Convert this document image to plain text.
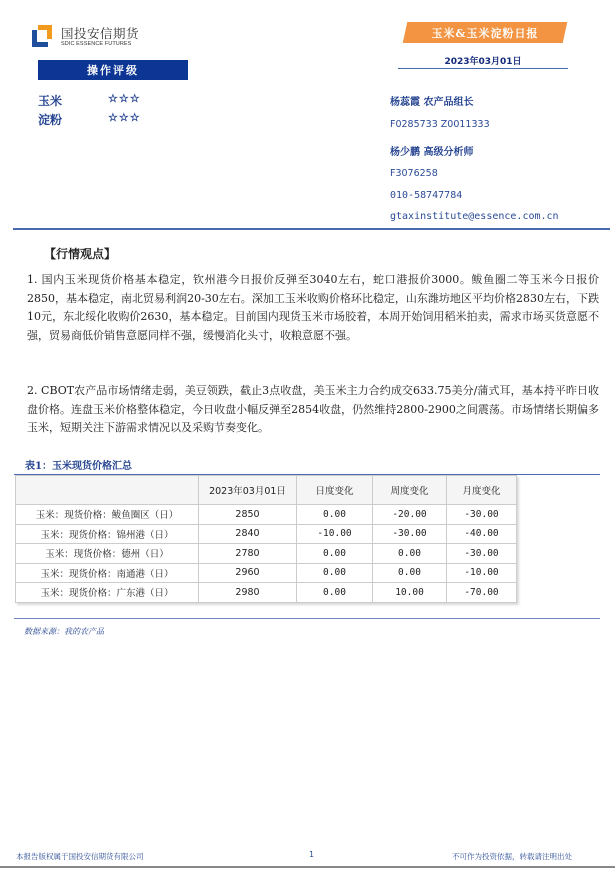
国投安信期货
SDIC ESSENCE FUTURES
操作评级
玉米	☆☆☆
淀粉	☆☆☆
玉米&玉米淀粉日报
2023年03月01日
杨蕊霞 农产品组长
F0285733 Z0011333
杨少鹏 高级分析师
F3076258
010-58747784
gtaxinstitute@essence.com.cn
【行情观点】

1. 国内玉米现货价格基本稳定，钦州港今日报价反弹至3040左右，蛇口港报价3000。鲅鱼圈二等玉米今日报价2850，基本稳定，南北贸易利润20-30左右。深加工玉米收购价格环比稳定，山东潍坊地区平均价格2830左右，下跌10元，东北绥化收购价2630，基本稳定。目前国内现货玉米市场胶着，本周开始饲用稻米拍卖，需求市场买货意愿不强，贸易商低价销售意愿同样不强，缓慢消化头寸，收粮意愿不强。

2. CBOT农产品市场情绪走弱，美豆领跌，截止3点收盘，美玉米主力合约成交633.75美分/蒲式耳，基本持平昨日收盘价格。连盘玉米价格整体稳定，今日收盘小幅反弹至2854收盘，仍然维持2800-2900之间震荡。市场情绪长期偏多玉米，短期关注下游需求情况以及采购节奏变化。

表1：玉米现货价格汇总
	2023年03月01日	日度变化	周度变化	月度变化
玉米：现货价格：鲅鱼圈区（日）	2850	0.00	-20.00	-30.00
玉米：现货价格：锦州港（日）	2840	-10.00	-30.00	-40.00
玉米：现货价格：德州（日）	2780	0.00	0.00	-30.00
玉米：现货价格：南通港（日）	2960	0.00	0.00	-10.00
玉米：现货价格：广东港（日）	2980	0.00	10.00	-70.00
数据来源：我的农产品
本报告版权属于国投安信期货有限公司	1	不可作为投资依据，转载请注明出处
